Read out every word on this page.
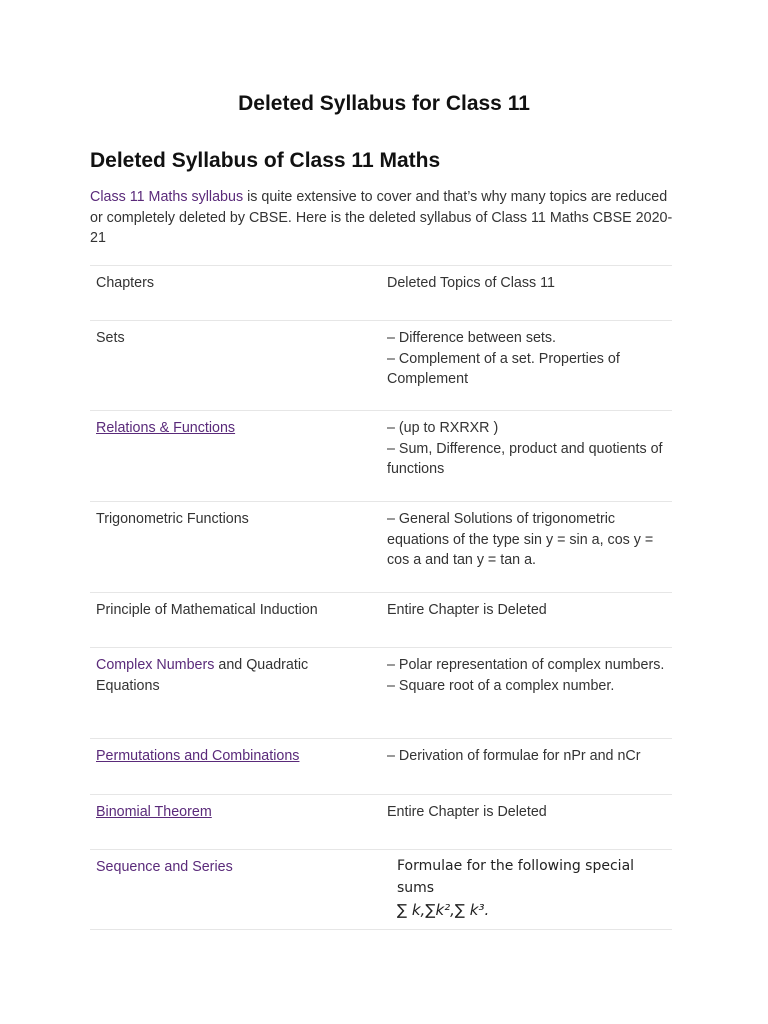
Deleted Syllabus for Class 11
Deleted Syllabus of Class 11 Maths

Class 11 Maths syllabus is quite extensive to cover and that’s why many topics are reduced or completely deleted by CBSE. Here is the deleted syllabus of Class 11 Maths CBSE 2020-21

Chapters	Deleted Topics of Class 11
Sets	– Difference between sets.
– Complement of a set. Properties of Complement

Relations & Functions	– (up to RXRXR )
– Sum, Difference, product and quotients of functions

Trigonometric Functions	– General Solutions of trigonometric equations of the type sin y = sin a, cos y = cos a and tan y = tan a.

Principle of Mathematical Induction	Entire Chapter is Deleted

Complex Numbers and Quadratic Equations	– Polar representation of complex numbers.
– Square root of a complex number.

Permutations and Combinations	– Derivation of formulae for nPr and nCr

Binomial Theorem	Entire Chapter is Deleted

Sequence and Series	Formulae for the following special sums
∑ k,∑k²,∑ k³.
